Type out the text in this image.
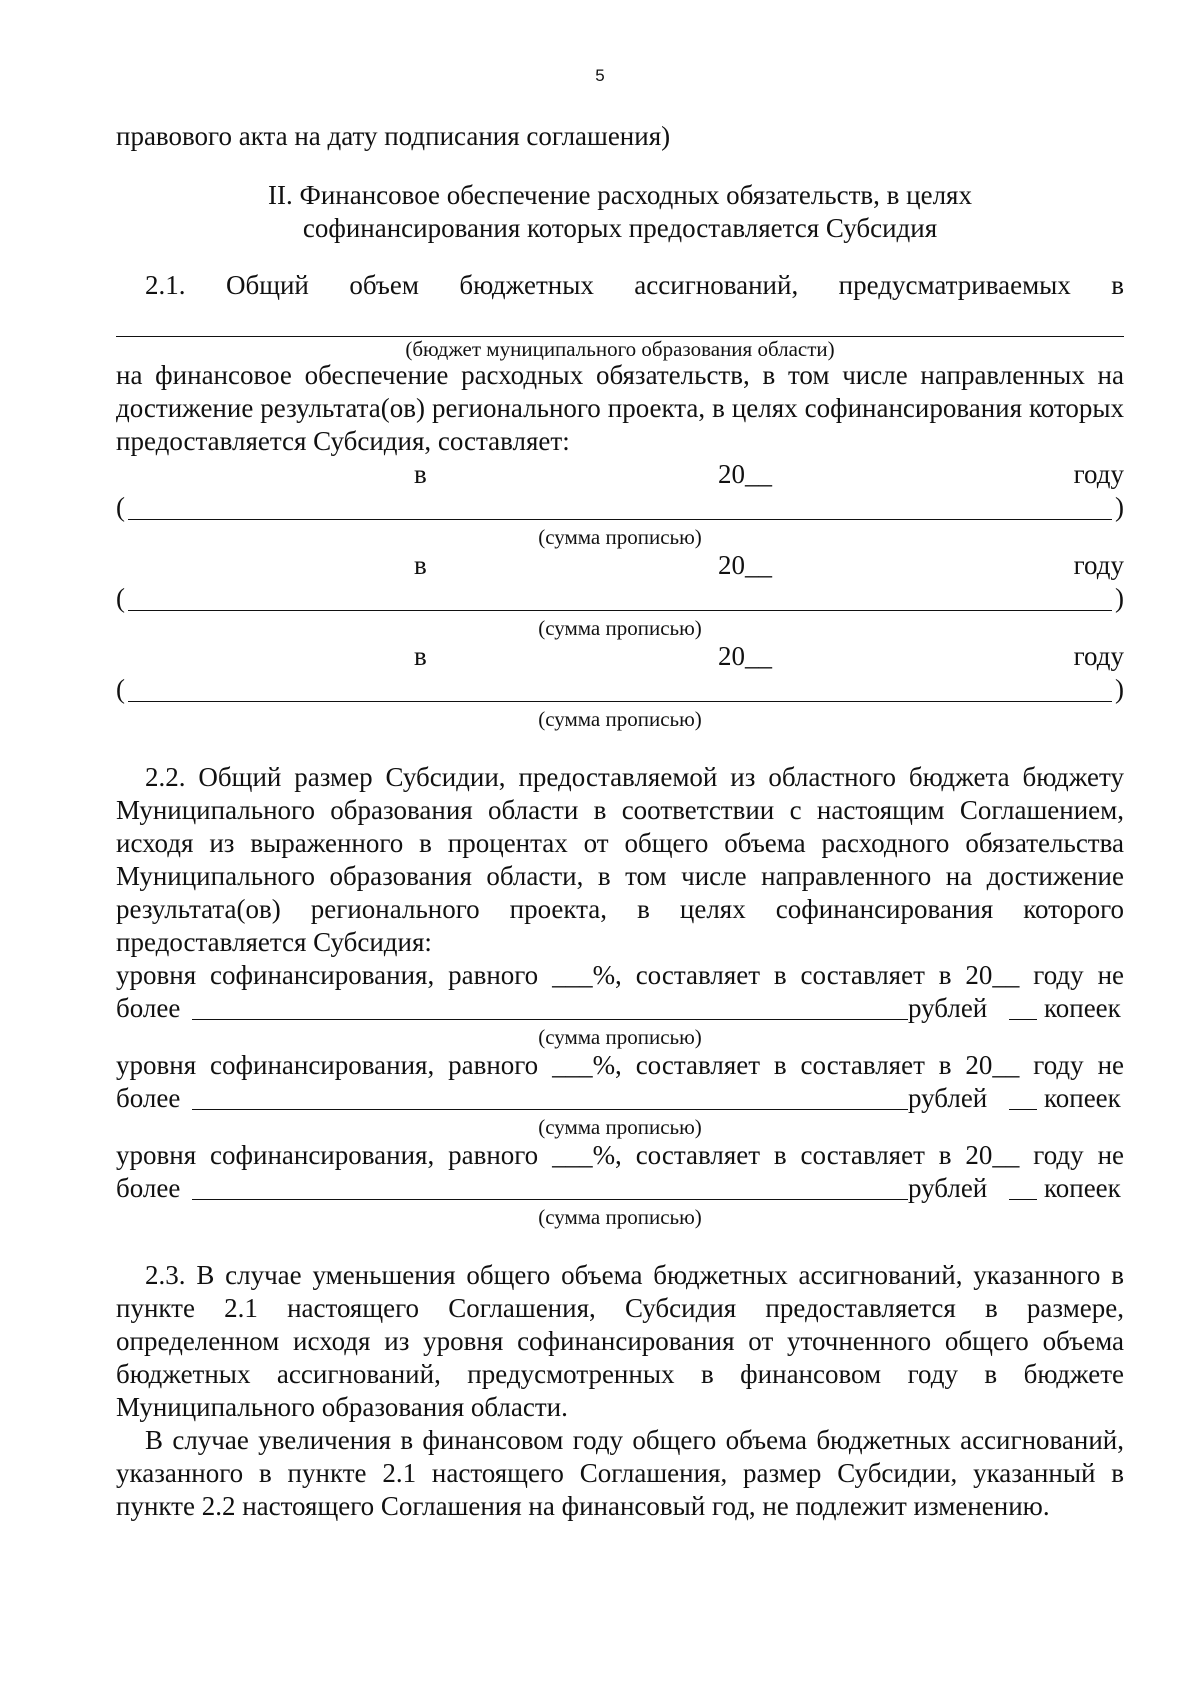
5

правового акта на дату подписания соглашения)

II. Финансовое обеспечение расходных обязательств, в целях
софинансирования которых предоставляется Субсидия

2.1. Общий объем бюджетных ассигнований, предусматриваемых в

(бюджет муниципального образования области)

на финансовое обеспечение расходных обязательств, в том числе направленных на достижение результата(ов) регионального проекта, в целях софинансирования которых предоставляется Субсидия, составляет:

в	20__	году
(	)

(сумма прописью)

в	20__	году
(	)

(сумма прописью)

в	20__	году
(	)

(сумма прописью)

2.2. Общий размер Субсидии, предоставляемой из областного бюджета бюджету Муниципального образования области в соответствии с настоящим Соглашением, исходя из выраженного в процентах от общего объема расходного обязательства Муниципального образования области, в том числе направленного на достижение результата(ов) регионального проекта, в целях софинансирования которого предоставляется Субсидия:

уровня софинансирования, равного ___%, составляет в составляет в 20__ году не

более	рублей копеек

(сумма прописью)

уровня софинансирования, равного ___%, составляет в составляет в 20__ году не

более	рублей копеек

(сумма прописью)

уровня софинансирования, равного ___%, составляет в составляет в 20__ году не

более	рублей копеек

(сумма прописью)

2.3. В случае уменьшения общего объема бюджетных ассигнований, указанного в пункте 2.1 настоящего Соглашения, Субсидия предоставляется в размере, определенном исходя из уровня софинансирования от уточненного общего объема бюджетных ассигнований, предусмотренных в финансовом году в бюджете Муниципального образования области.

В случае увеличения в финансовом году общего объема бюджетных ассигнований, указанного в пункте 2.1 настоящего Соглашения, размер Субсидии, указанный в пункте 2.2 настоящего Соглашения на финансовый год, не подлежит изменению.
